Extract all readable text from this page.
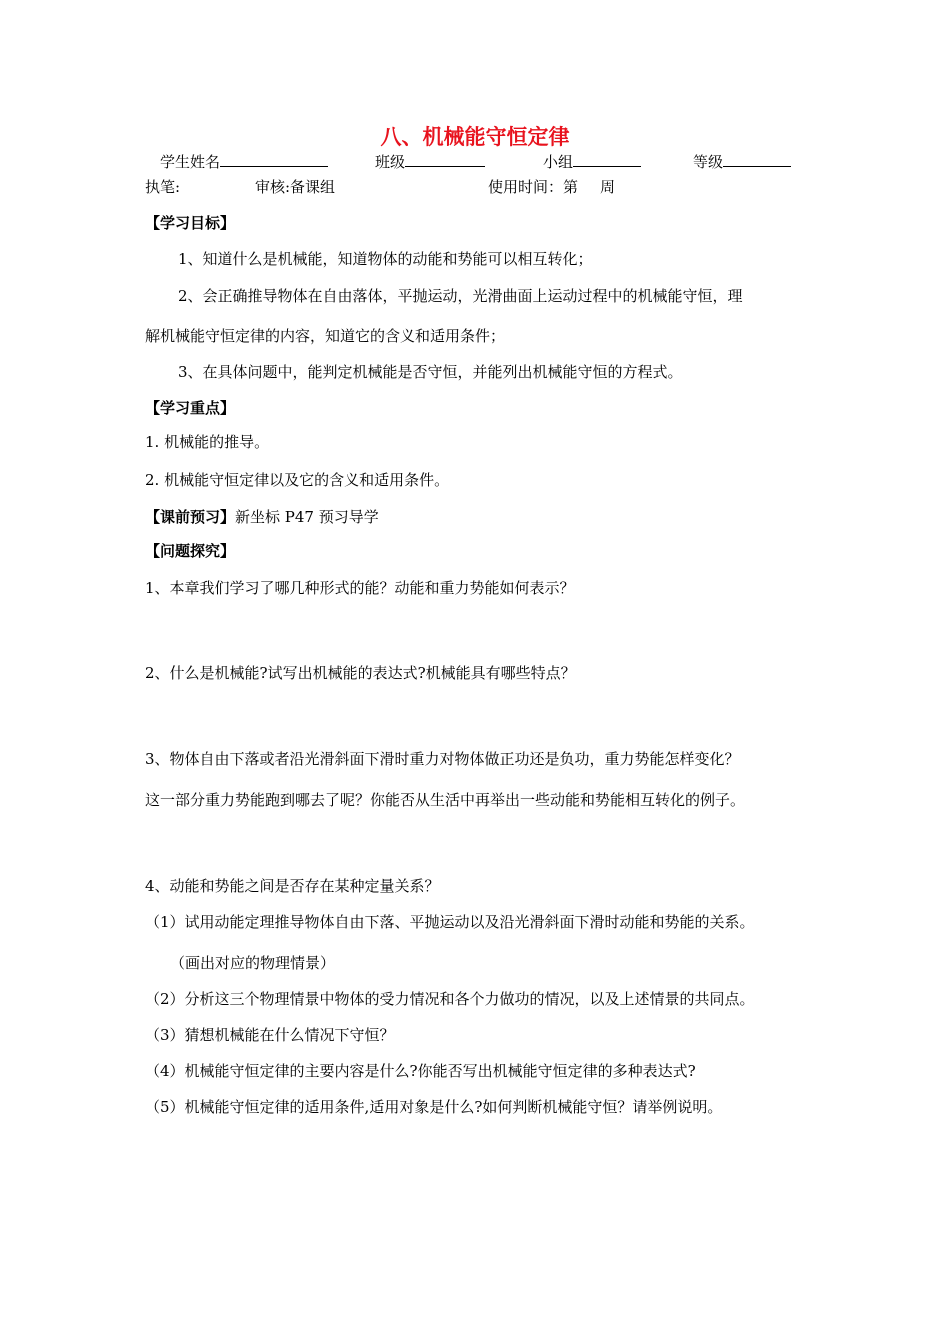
八、机械能守恒定律
学生姓名	班级	小组	等级
执笔:	审核:备课组	使用时间：第 周
【学习目标】
1、知道什么是机械能，知道物体的动能和势能可以相互转化；
2、会正确推导物体在自由落体，平抛运动，光滑曲面上运动过程中的机械能守恒，理
解机械能守恒定律的内容，知道它的含义和适用条件；
3、在具体问题中，能判定机械能是否守恒，并能列出机械能守恒的方程式。
【学习重点】
1. 机械能的推导。
2. 机械能守恒定律以及它的含义和适用条件。
【课前预习】新坐标 P47 预习导学
【问题探究】
1、本章我们学习了哪几种形式的能？动能和重力势能如何表示？
2、什么是机械能?试写出机械能的表达式?机械能具有哪些特点？
3、物体自由下落或者沿光滑斜面下滑时重力对物体做正功还是负功，重力势能怎样变化？
这一部分重力势能跑到哪去了呢？你能否从生活中再举出一些动能和势能相互转化的例子。
4、动能和势能之间是否存在某种定量关系？
（1）试用动能定理推导物体自由下落、平抛运动以及沿光滑斜面下滑时动能和势能的关系。
（画出对应的物理情景）
（2）分析这三个物理情景中物体的受力情况和各个力做功的情况，以及上述情景的共同点。
（3）猜想机械能在什么情况下守恒？
（4）机械能守恒定律的主要内容是什么?你能否写出机械能守恒定律的多种表达式?
（5）机械能守恒定律的适用条件,适用对象是什么?如何判断机械能守恒？请举例说明。
